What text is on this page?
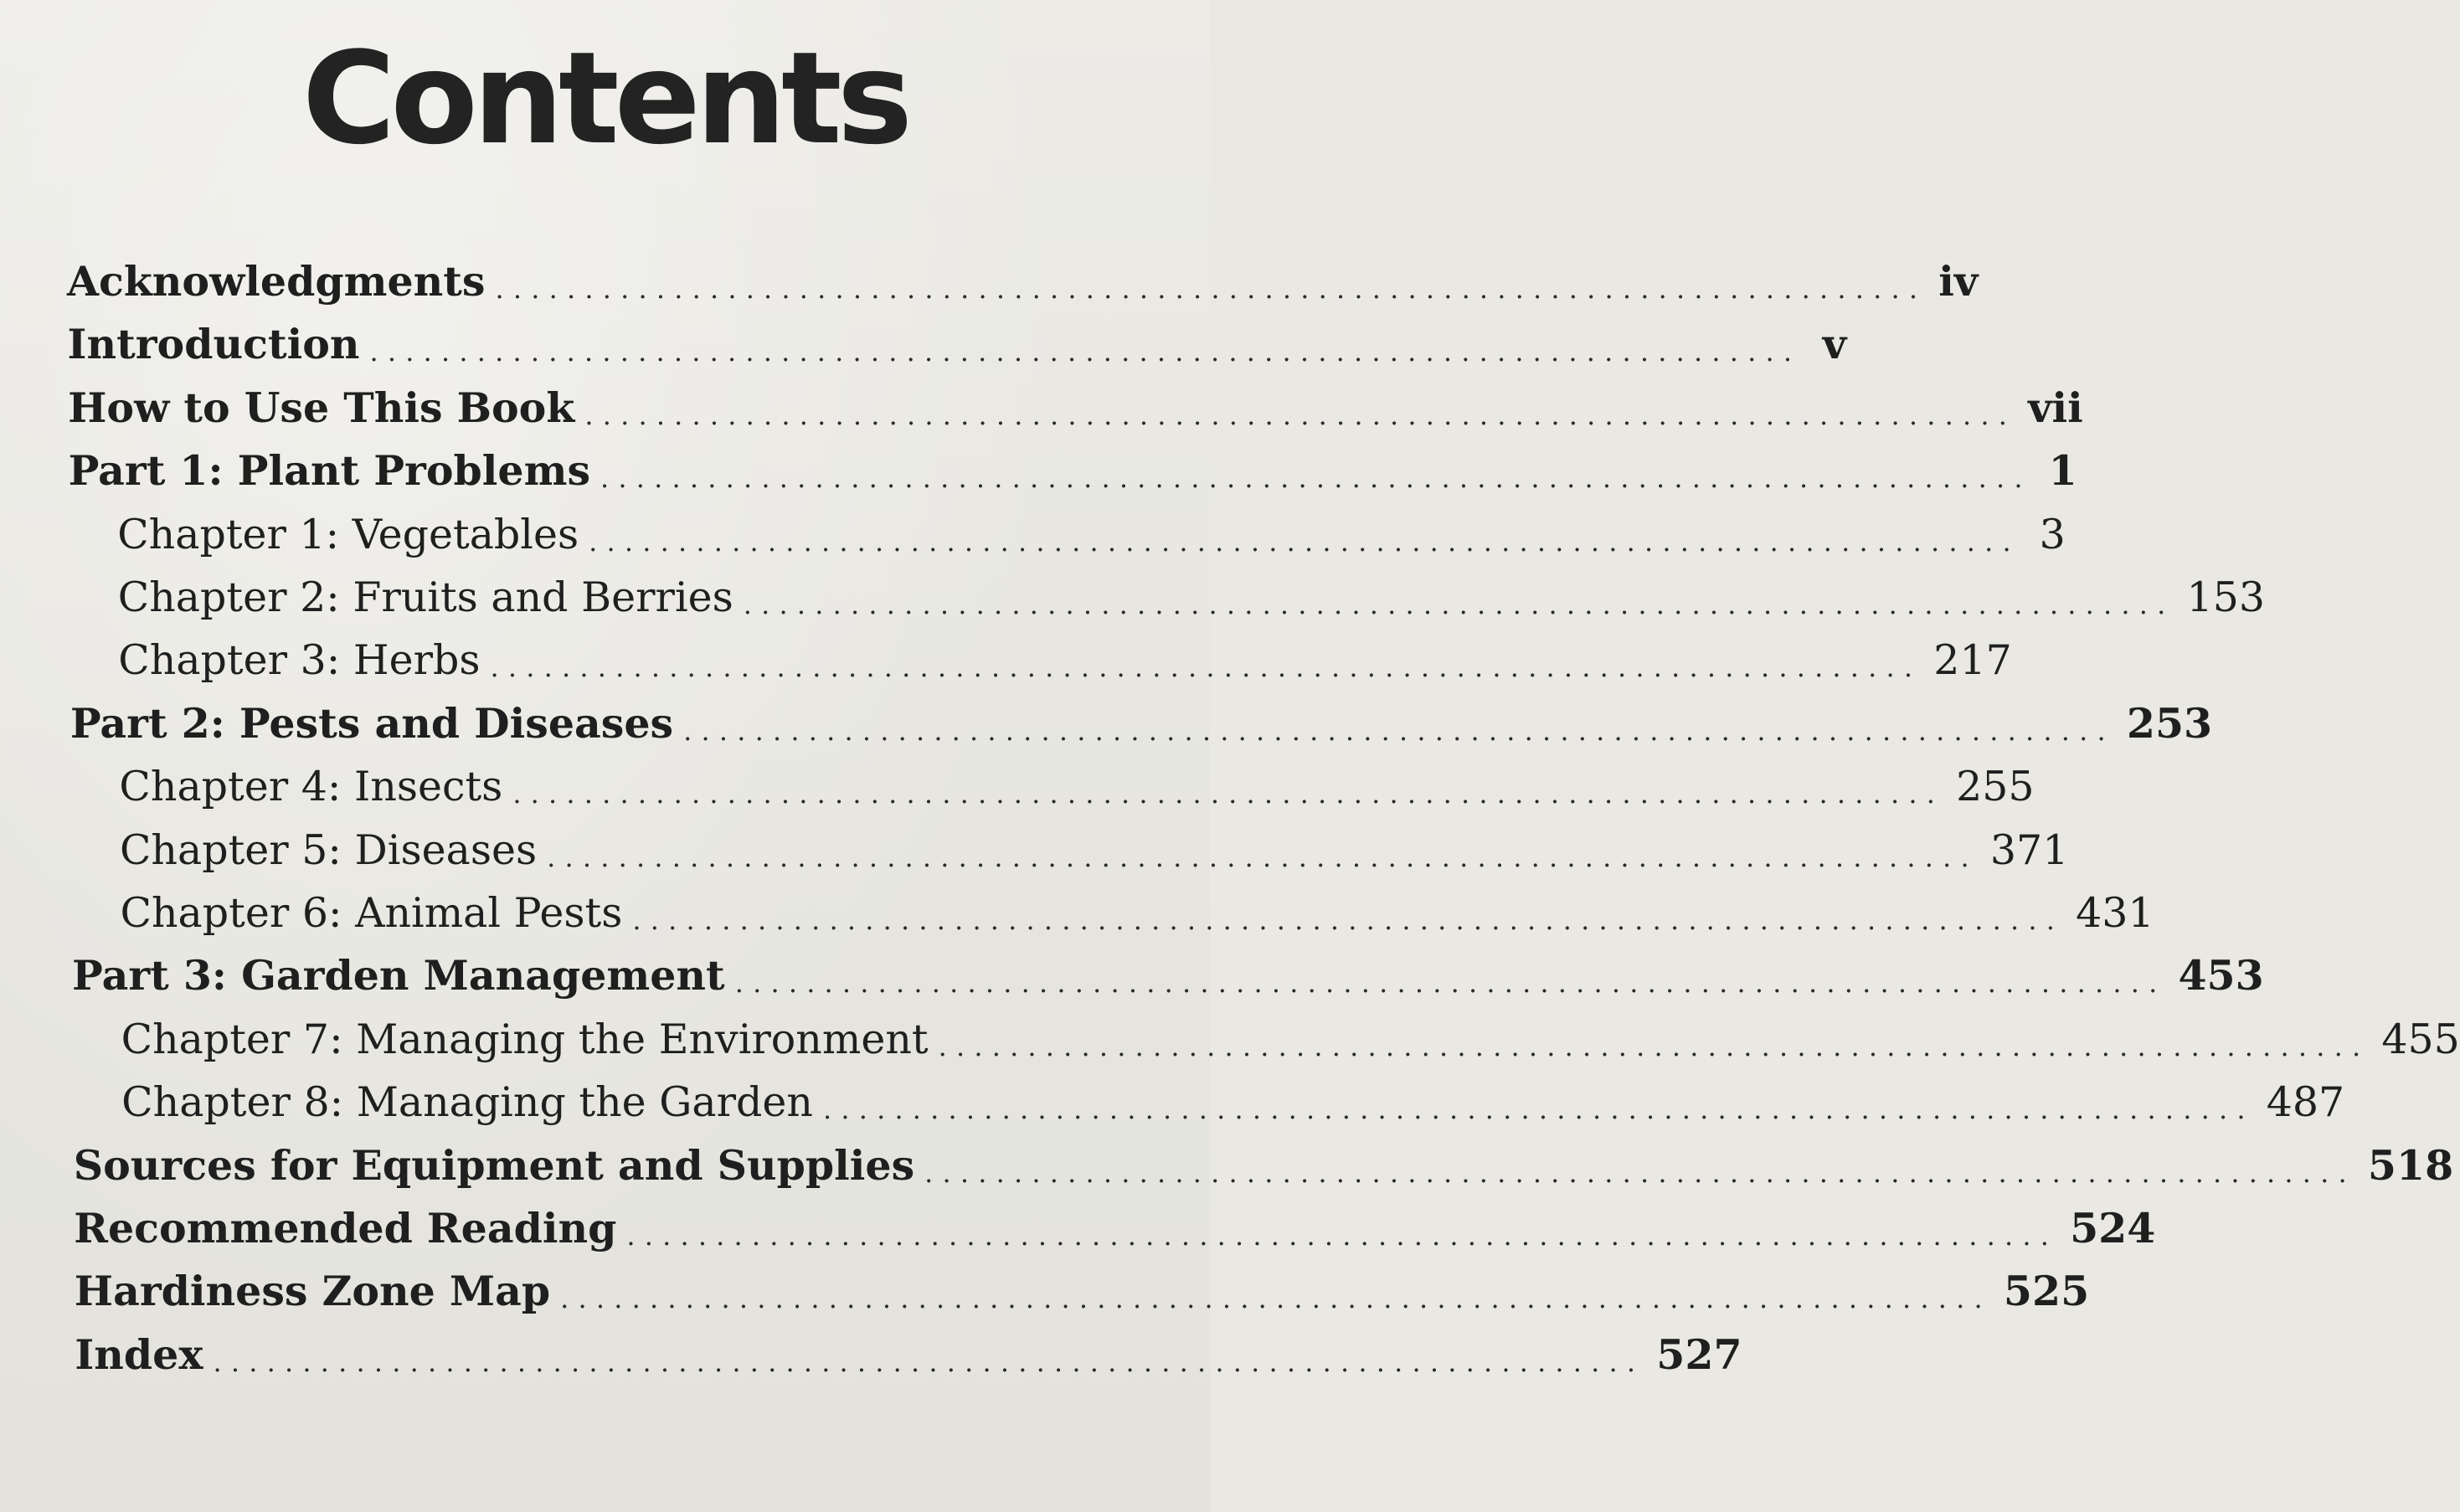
Contents
Acknowledgments ................................................................................ iv
Introduction ................................................................................ v
How to Use This Book ................................................................................ vii
Part 1: Plant Problems ................................................................................ 1
Chapter 1: Vegetables ................................................................................ 3
Chapter 2: Fruits and Berries ................................................................................ 153
Chapter 3: Herbs ................................................................................ 217
Part 2: Pests and Diseases ................................................................................ 253
Chapter 4: Insects ................................................................................ 255
Chapter 5: Diseases ................................................................................ 371
Chapter 6: Animal Pests ................................................................................ 431
Part 3: Garden Management ................................................................................ 453
Chapter 7: Managing the Environment ................................................................................ 455
Chapter 8: Managing the Garden ................................................................................ 487
Sources for Equipment and Supplies ................................................................................ 518
Recommended Reading ................................................................................ 524
Hardiness Zone Map ................................................................................ 525
Index ................................................................................ 527
